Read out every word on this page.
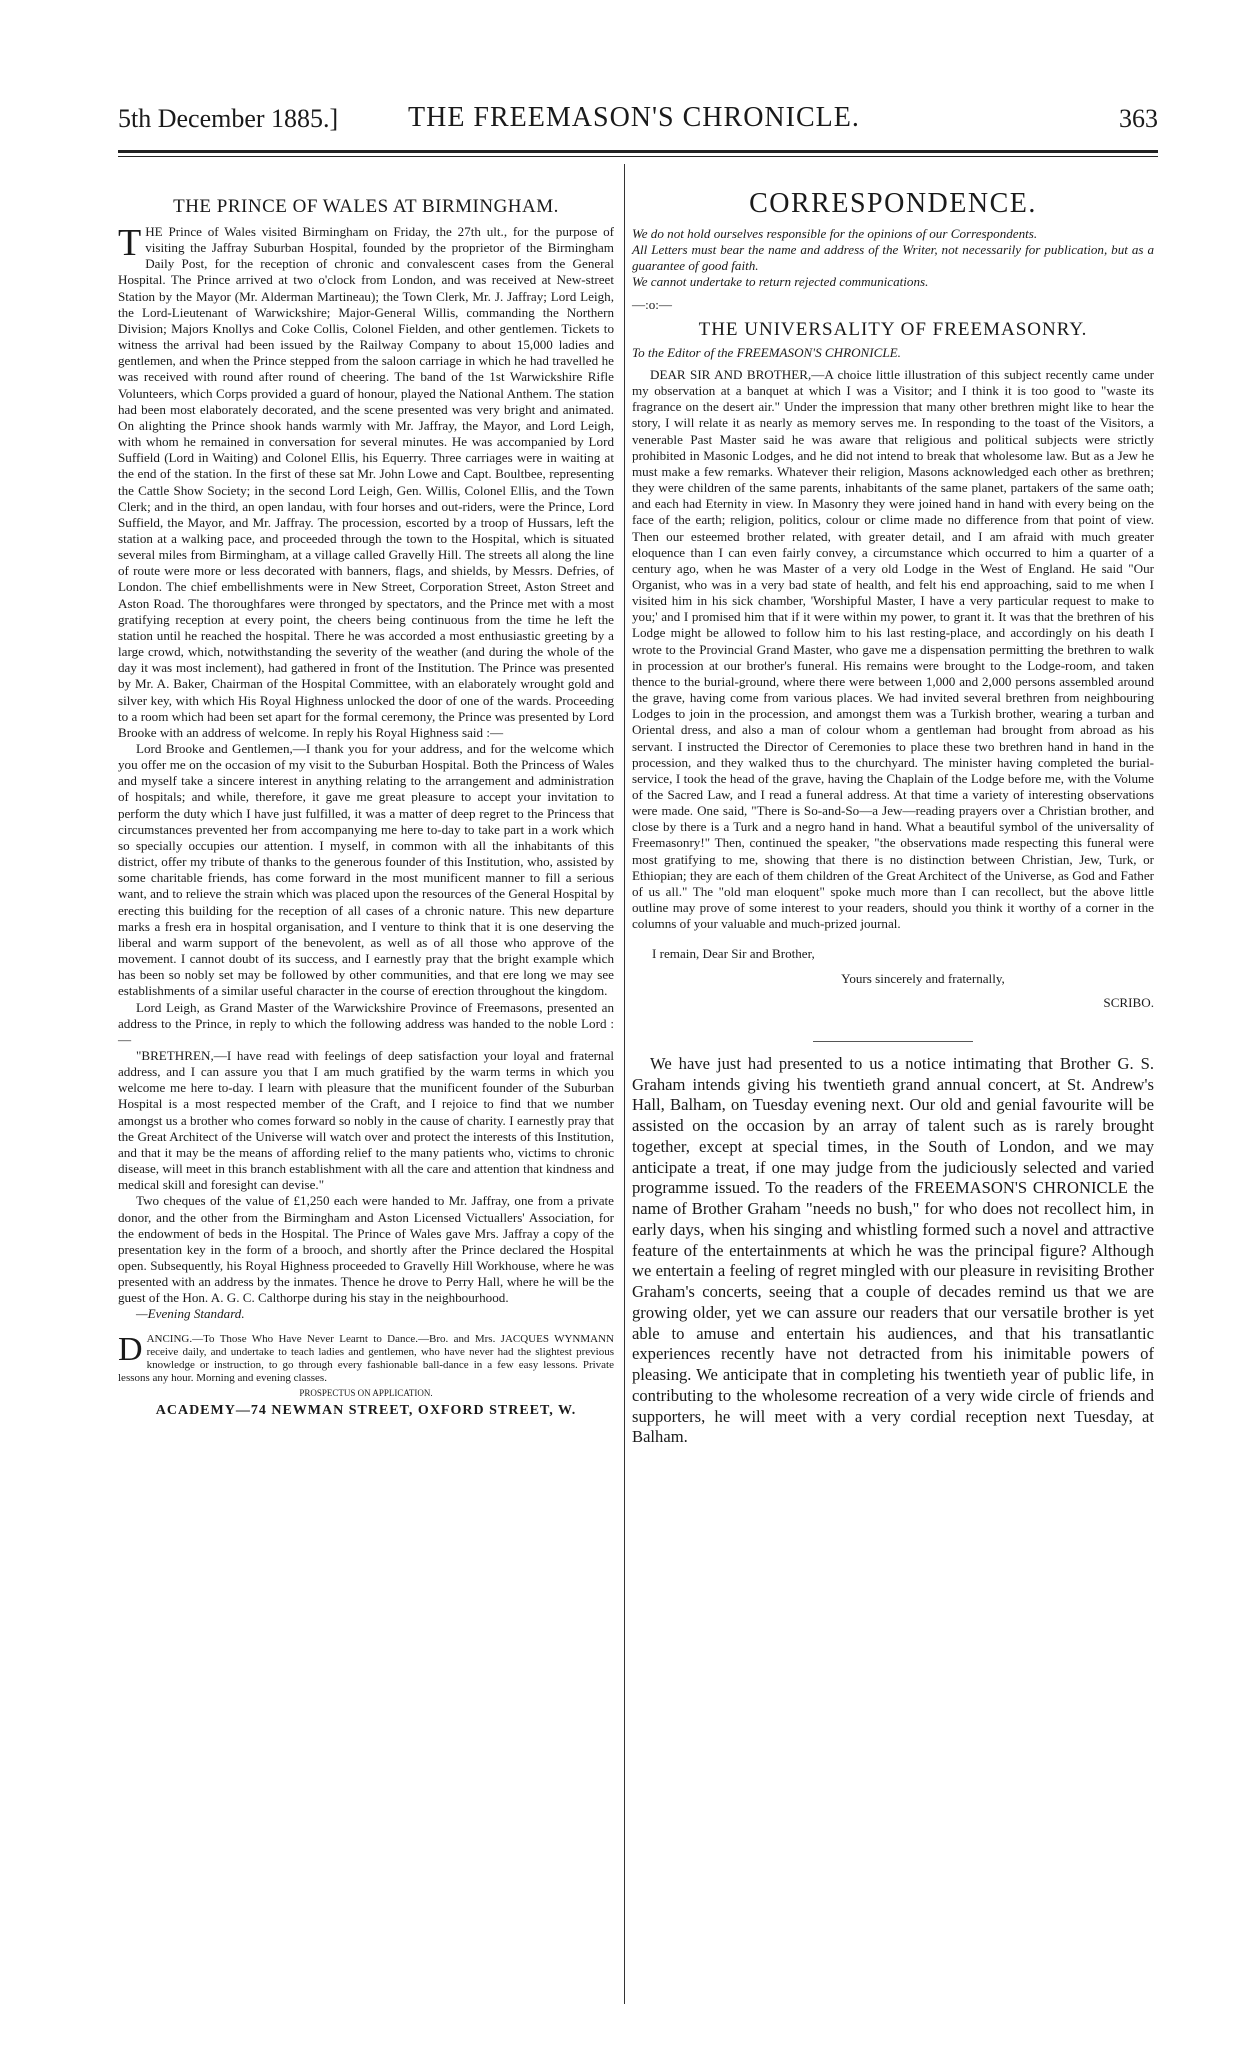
5th December 1885.] THE FREEMASON'S CHRONICLE.	363
THE PRINCE OF WALES AT BIRMINGHAM.

THE Prince of Wales visited Birmingham on Friday, the 27th ult., for the purpose of visiting the Jaffray Suburban Hospital, founded by the proprietor of the Birmingham Daily Post, for the reception of chronic and convalescent cases from the General Hospital. The Prince arrived at two o'clock from London, and was received at New-street Station by the Mayor (Mr. Alderman Martineau); the Town Clerk, Mr. J. Jaffray; Lord Leigh, the Lord-Lieutenant of Warwickshire; Major-General Willis, commanding the Northern Division; Majors Knollys and Coke Collis, Colonel Fielden, and other gentlemen. Tickets to witness the arrival had been issued by the Railway Company to about 15,000 ladies and gentlemen, and when the Prince stepped from the saloon carriage in which he had travelled he was received with round after round of cheering. The band of the 1st Warwickshire Rifle Volunteers, which Corps provided a guard of honour, played the National Anthem. The station had been most elaborately decorated, and the scene presented was very bright and animated. On alighting the Prince shook hands warmly with Mr. Jaffray, the Mayor, and Lord Leigh, with whom he remained in conversation for several minutes. He was accompanied by Lord Suffield (Lord in Waiting) and Colonel Ellis, his Equerry. Three carriages were in waiting at the end of the station. In the first of these sat Mr. John Lowe and Capt. Boultbee, representing the Cattle Show Society; in the second Lord Leigh, Gen. Willis, Colonel Ellis, and the Town Clerk; and in the third, an open landau, with four horses and out-riders, were the Prince, Lord Suffield, the Mayor, and Mr. Jaffray. The procession, escorted by a troop of Hussars, left the station at a walking pace, and proceeded through the town to the Hospital, which is situated several miles from Birmingham, at a village called Gravelly Hill. The streets all along the line of route were more or less decorated with banners, flags, and shields, by Messrs. Defries, of London. The chief embellishments were in New Street, Corporation Street, Aston Street and Aston Road. The thoroughfares were thronged by spectators, and the Prince met with a most gratifying reception at every point, the cheers being continuous from the time he left the station until he reached the hospital. There he was accorded a most enthusiastic greeting by a large crowd, which, notwithstanding the severity of the weather (and during the whole of the day it was most inclement), had gathered in front of the Institution. The Prince was presented by Mr. A. Baker, Chairman of the Hospital Committee, with an elaborately wrought gold and silver key, with which His Royal Highness unlocked the door of one of the wards. Proceeding to a room which had been set apart for the formal ceremony, the Prince was presented by Lord Brooke with an address of welcome. In reply his Royal Highness said :—

Lord Brooke and Gentlemen,—I thank you for your address, and for the welcome which you offer me on the occasion of my visit to the Suburban Hospital. Both the Princess of Wales and myself take a sincere interest in anything relating to the arrangement and administration of hospitals; and while, therefore, it gave me great pleasure to accept your invitation to perform the duty which I have just fulfilled, it was a matter of deep regret to the Princess that circumstances prevented her from accompanying me here to-day to take part in a work which so specially occupies our attention. I myself, in common with all the inhabitants of this district, offer my tribute of thanks to the generous founder of this Institution, who, assisted by some charitable friends, has come forward in the most munificent manner to fill a serious want, and to relieve the strain which was placed upon the resources of the General Hospital by erecting this building for the reception of all cases of a chronic nature. This new departure marks a fresh era in hospital organisation, and I venture to think that it is one deserving the liberal and warm support of the benevolent, as well as of all those who approve of the movement. I cannot doubt of its success, and I earnestly pray that the bright example which has been so nobly set may be followed by other communities, and that ere long we may see establishments of a similar useful character in the course of erection throughout the kingdom.

Lord Leigh, as Grand Master of the Warwickshire Province of Freemasons, presented an address to the Prince, in reply to which the following address was handed to the noble Lord :—

"BRETHREN,—I have read with feelings of deep satisfaction your loyal and fraternal address, and I can assure you that I am much gratified by the warm terms in which you welcome me here to-day. I learn with pleasure that the munificent founder of the Suburban Hospital is a most respected member of the Craft, and I rejoice to find that we number amongst us a brother who comes forward so nobly in the cause of charity. I earnestly pray that the Great Architect of the Universe will watch over and protect the interests of this Institution, and that it may be the means of affording relief to the many patients who, victims to chronic disease, will meet in this branch establishment with all the care and attention that kindness and medical skill and foresight can devise."

Two cheques of the value of £1,250 each were handed to Mr. Jaffray, one from a private donor, and the other from the Birmingham and Aston Licensed Victuallers' Association, for the endowment of beds in the Hospital. The Prince of Wales gave Mrs. Jaffray a copy of the presentation key in the form of a brooch, and shortly after the Prince declared the Hospital open. Subsequently, his Royal Highness proceeded to Gravelly Hill Workhouse, where he was presented with an address by the inmates. Thence he drove to Perry Hall, where he will be the guest of the Hon. A. G. C. Calthorpe during his stay in the neighbourhood.

—Evening Standard.

DANCING.—To Those Who Have Never Learnt to Dance.—Bro. and Mrs. JACQUES WYNMANN receive daily, and undertake to teach ladies and gentlemen, who have never had the slightest previous knowledge or instruction, to go through every fashionable ball-dance in a few easy lessons. Private lessons any hour. Morning and evening classes.

PROSPECTUS ON APPLICATION.

ACADEMY—74 NEWMAN STREET, OXFORD STREET, W.

CORRESPONDENCE.

We do not hold ourselves responsible for the opinions of our Correspondents.

All Letters must bear the name and address of the Writer, not necessarily for publication, but as a guarantee of good faith.

We cannot undertake to return rejected communications.

—:o:—

THE UNIVERSALITY OF FREEMASONRY.

To the Editor of the FREEMASON'S CHRONICLE.

DEAR SIR AND BROTHER,—A choice little illustration of this subject recently came under my observation at a banquet at which I was a Visitor; and I think it is too good to "waste its fragrance on the desert air." Under the impression that many other brethren might like to hear the story, I will relate it as nearly as memory serves me. In responding to the toast of the Visitors, a venerable Past Master said he was aware that religious and political subjects were strictly prohibited in Masonic Lodges, and he did not intend to break that wholesome law. But as a Jew he must make a few remarks. Whatever their religion, Masons acknowledged each other as brethren; they were children of the same parents, inhabitants of the same planet, partakers of the same oath; and each had Eternity in view. In Masonry they were joined hand in hand with every being on the face of the earth; religion, politics, colour or clime made no difference from that point of view. Then our esteemed brother related, with greater detail, and I am afraid with much greater eloquence than I can even fairly convey, a circumstance which occurred to him a quarter of a century ago, when he was Master of a very old Lodge in the West of England. He said "Our Organist, who was in a very bad state of health, and felt his end approaching, said to me when I visited him in his sick chamber, 'Worshipful Master, I have a very particular request to make to you;' and I promised him that if it were within my power, to grant it. It was that the brethren of his Lodge might be allowed to follow him to his last resting-place, and accordingly on his death I wrote to the Provincial Grand Master, who gave me a dispensation permitting the brethren to walk in procession at our brother's funeral. His remains were brought to the Lodge-room, and taken thence to the burial-ground, where there were between 1,000 and 2,000 persons assembled around the grave, having come from various places. We had invited several brethren from neighbouring Lodges to join in the procession, and amongst them was a Turkish brother, wearing a turban and Oriental dress, and also a man of colour whom a gentleman had brought from abroad as his servant. I instructed the Director of Ceremonies to place these two brethren hand in hand in the procession, and they walked thus to the churchyard. The minister having completed the burial-service, I took the head of the grave, having the Chaplain of the Lodge before me, with the Volume of the Sacred Law, and I read a funeral address. At that time a variety of interesting observations were made. One said, "There is So-and-So—a Jew—reading prayers over a Christian brother, and close by there is a Turk and a negro hand in hand. What a beautiful symbol of the universality of Freemasonry!" Then, continued the speaker, "the observations made respecting this funeral were most gratifying to me, showing that there is no distinction between Christian, Jew, Turk, or Ethiopian; they are each of them children of the Great Architect of the Universe, as God and Father of us all." The "old man eloquent" spoke much more than I can recollect, but the above little outline may prove of some interest to your readers, should you think it worthy of a corner in the columns of your valuable and much-prized journal.

I remain, Dear Sir and Brother,

Yours sincerely and fraternally,

SCRIBO.

We have just had presented to us a notice intimating that Brother G. S. Graham intends giving his twentieth grand annual concert, at St. Andrew's Hall, Balham, on Tuesday evening next. Our old and genial favourite will be assisted on the occasion by an array of talent such as is rarely brought together, except at special times, in the South of London, and we may anticipate a treat, if one may judge from the judiciously selected and varied programme issued. To the readers of the FREEMASON'S CHRONICLE the name of Brother Graham "needs no bush," for who does not recollect him, in early days, when his singing and whistling formed such a novel and attractive feature of the entertainments at which he was the principal figure? Although we entertain a feeling of regret mingled with our pleasure in revisiting Brother Graham's concerts, seeing that a couple of decades remind us that we are growing older, yet we can assure our readers that our versatile brother is yet able to amuse and entertain his audiences, and that his transatlantic experiences recently have not detracted from his inimitable powers of pleasing. We anticipate that in completing his twentieth year of public life, in contributing to the wholesome recreation of a very wide circle of friends and supporters, he will meet with a very cordial reception next Tuesday, at Balham.
